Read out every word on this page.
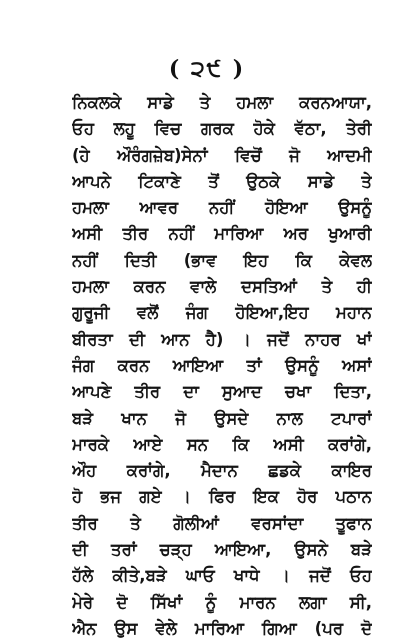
( ੨੯ )
ਨਿਕਲਕੇ ਸਾਡੇ ਤੇ ਹਮਲਾ ਕਰਨਆਯਾ,
ਓਹ ਲਹੂ ਵਿਚ ਗਰਕ ਹੋਕੇ ਵੱਠਾ, ਤੇਰੀ
(ਹੇ ਔਰੰਗਜ਼ੇਬ)ਸੇਨਾਂ ਵਿਚੋਂ ਜੋ ਆਦਮੀ
ਆਪਨੇ ਟਿਕਾਣੇ ਤੋਂ ਉਠਕੇ ਸਾਡੇ ਤੇ
ਹਮਲਾ ਆਵਰ ਨਹੀਂ ਹੋਇਆ ਉਸਨੂੰ
ਅਸੀ ਤੀਰ ਨਹੀਂ ਮਾਰਿਆ ਅਰ ਖੁਆਰੀ
ਨਹੀਂ ਦਿਤੀ (ਭਾਵ ਇਹ ਕਿ ਕੇਵਲ
ਹਮਲਾ ਕਰਨ ਵਾਲੇ ਦਸਤਿਆਂ ਤੇ ਹੀ
ਗੁਰੂਜੀ ਵਲੋਂ ਜੰਗ ਹੋਇਆ,ਇਹ ਮਹਾਨ
ਬੀਰਤਾ ਦੀ ਆਨ ਹੈ) । ਜਦੋਂ ਨਾਹਰ ਖਾਂ
ਜੰਗ ਕਰਨ ਆਇਆ ਤਾਂ ਉਸਨੂੰ ਅਸਾਂ
ਆਪਣੇ ਤੀਰ ਦਾ ਸੁਆਦ ਚਖਾ ਦਿਤਾ,
ਬੜੇ ਖਾਨ ਜੋ ਉਸਦੇ ਨਾਲ ਟਪਾਰਾਂ
ਮਾਰਕੇ ਆਏ ਸਨ ਕਿ ਅਸੀ ਕਰਾਂਗੇ,
ਔਹ ਕਰਾਂਗੇ, ਮੈਦਾਨ ਛਡਕੇ ਕਾਇਰ
ਹੋ ਭਜ ਗਏ । ਫਿਰ ਇਕ ਹੋਰ ਪਠਾਨ
ਤੀਰ ਤੇ ਗੋਲੀਆਂ ਵਰਸਾਂਦਾ ਤੂਫਾਨ
ਦੀ ਤਰਾਂ ਚੜ੍ਹ ਆਇਆ, ਉਸਨੇ ਬੜੇ
ਹੱਲੇ ਕੀਤੇ,ਬੜੇ ਘਾਓ ਖਾਧੇ । ਜਦੋਂ ਓਹ
ਮੇਰੇ ਦੋ ਸਿੱਖਾਂ ਨੂੰ ਮਾਰਨ ਲਗਾ ਸੀ,
ਐਨ ਉਸ ਵੇਲੇ ਮਾਰਿਆ ਗਿਆ (ਪਰ ਦੋ
